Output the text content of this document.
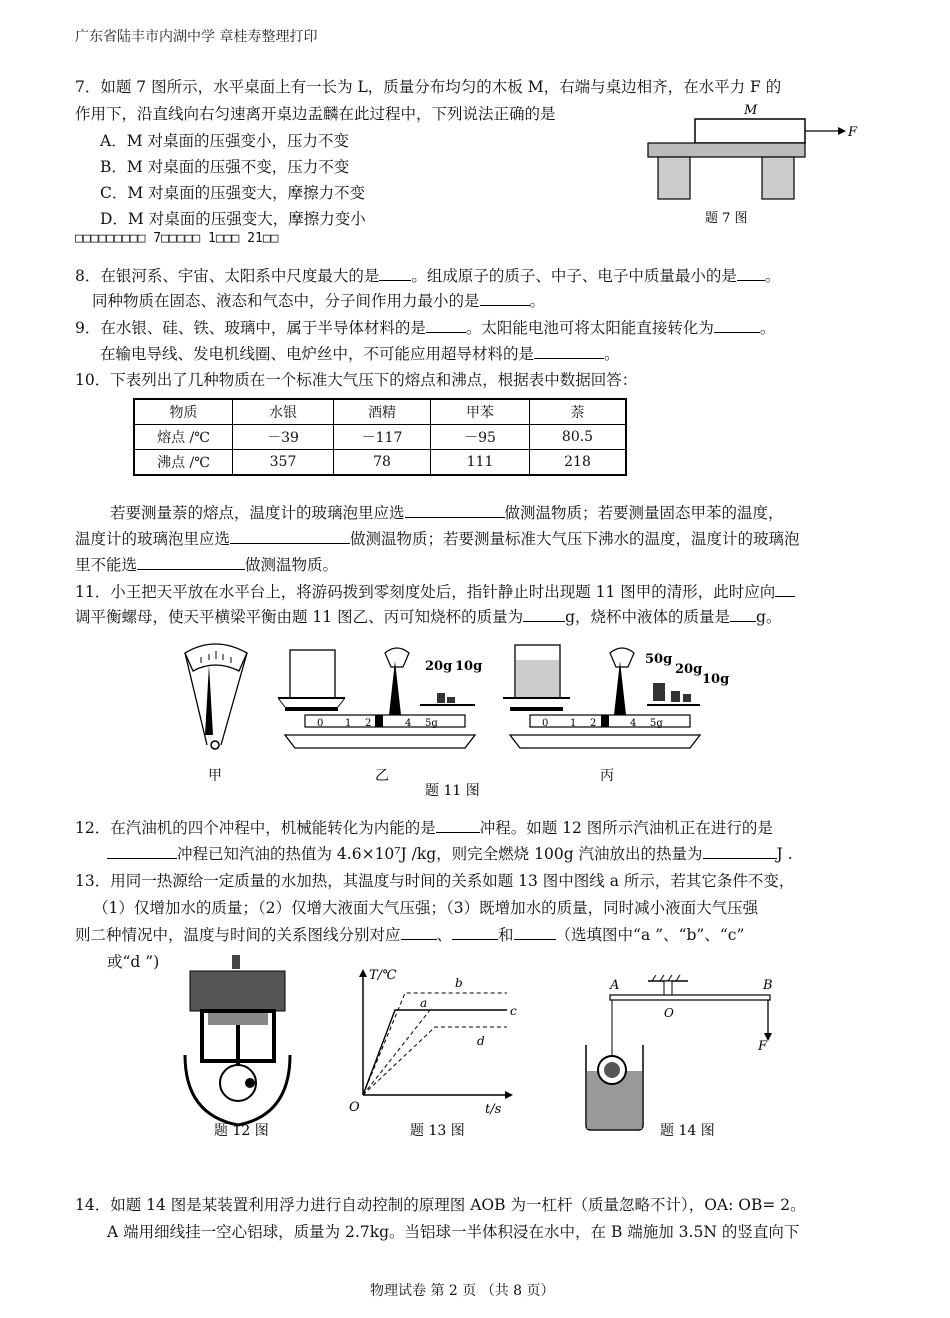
广东省陆丰市内湖中学 章桂寿整理打印
7．如题 7 图所示，水平桌面上有一长为 L，质量分布均匀的木板 M，右端与桌边相齐，在水平力 F 的
作用下，沿直线向右匀速离开桌边盂麟在此过程中，下列说法正确的是
A．M 对桌面的压强变小，压力不变
B．M 对桌面的压强不变，压力不变
C．M 对桌面的压强变大，摩擦力不变
D．M 对桌面的压强变大，摩擦力变小
M
F
题 7 图
□□□□□□□□□ 7□□□□□ 1□□□ 21□□
8．在银河系、宇宙、太阳系中尺度最大的是 。组成原子的质子、中子、电子中质量最小的是 。
同种物质在固态、液态和气态中，分子间作用力最小的是	。
9．在水银、硅、铁、玻璃中，属于半导体材料的是	。太阳能电池可将太阳能直接转化为	。
在输电导线、发电机线圈、电炉丝中，不可能应用超导材料的是	。
10．下表列出了几种物质在一个标准大气压下的熔点和沸点，根据表中数据回答：
物质	水银	酒精	甲苯	萘
熔点 /℃	－39	－117	－95	80.5
沸点 /℃	357	78	111	218
若要测量萘的熔点，温度计的玻璃泡里应选	做测温物质；若要测量固态甲苯的温度，
温度计的玻璃泡里应选	做测温物质；若要测量标准大气压下沸水的温度，温度计的玻璃泡
里不能选	做测温物质。
11．小王把天平放在水平台上，将游码拨到零刻度处后，指针静止时出现题 11 图甲的清形，此时应向
调平衡螺母，使天平横梁平衡由题 11 图乙、丙可知烧杯的质量为	g，烧杯中液体的质量是 g。
甲
20g 10g
0 1 2	4 5g
乙
50g
20g
10g
0 1 2	4 5g
丙
题 11 图
12．在汽油机的四个冲程中，机械能转化为内能的是	冲程。如题 12 图所示汽油机正在进行的是
冲程已知汽油的热值为 4.6×10⁷J /kg，则完全燃烧 100g 汽油放出的热量为	J .
13．用同一热源给一定质量的水加热，其温度与时间的关系如题 13 图中图线 a 所示，若其它条件不变，
（1）仅增加水的质量；（2）仅增大液面大气压强；（3）既增加水的质量，同时减小液面大气压强
则二种情况中，温度与时间的关系图线分别对应 、	和	（选填图中“a ”、“b”、“c”
或“d ”)
题 12 图
T/℃
t/s
O
b
a
c
d
题 13 图
A	B
O
F
题 14 图
14．如题 14 图是某装置利用浮力进行自动控制的原理图 AOB 为一杠杆（质量忽略不计），OA: OB= 2。
A 端用细线挂一空心铝球，质量为 2.7kg。当铝球一半体积浸在水中，在 B 端施加 3.5N 的竖直向下
物理试卷 第 2 页 （共 8 页）
